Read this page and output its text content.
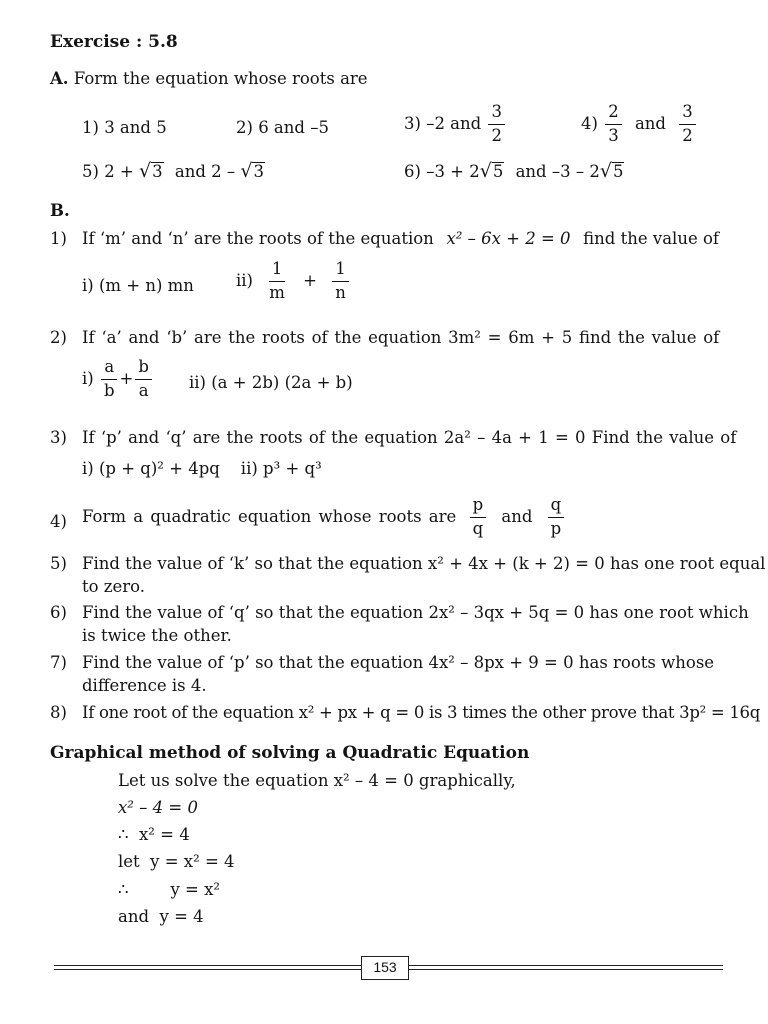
Exercise : 5.8
A. Form the equation whose roots are
1) 3 and 5	2) 6 and –5	3) –2 and $\frac{3}{2}$	$4) \frac{2}{3}$ and $\frac{3}{2}$
5) 2 + √ 3 and 2 – √ 3	6) –3 + 2 √ 5 and –3 – 2 √ 5
B.
1) If ‘m’ and ‘n’ are the roots of the equation x² – 6x + 2 = 0 find the value of
i) (m + n) mn	$ii) \frac{1}{m} + \frac{1}{n}$
2) If ‘a’ and ‘b’ are the roots of the equation 3m² = 6m + 5 find the value of
$i) \frac{a}{b} + \frac{b}{a} ii$) (a + 2b) (2a + b)
3) If ‘p’ and ‘q’ are the roots of the equation 2a² – 4a + 1 = 0 Find the value of
i) (p + q)² + 4pq    ii) p³ + q³
4) Form a quadratic equation whose roots are $\frac{p}{q}$ and $\frac{q}{p}$
5) Find the value of ‘k’ so that the equation x² + 4x + (k + 2) = 0 has one root equal
to zero.
6) Find the value of ‘q’ so that the equation 2x² – 3qx + 5q = 0 has one root which
is twice the other.
7) Find the value of ‘p’ so that the equation 4x² – 8px + 9 = 0 has roots whose
difference is 4.
8) If one root of the equation x² + px + q = 0 is 3 times the other prove that 3p² = 16q
Graphical method of solving a Quadratic Equation
Let us solve the equation x² – 4 = 0 graphically,
x² – 4 = 0
∴  x² = 4
let  y = x² = 4
∴        y = x²
and  y = 4
153
